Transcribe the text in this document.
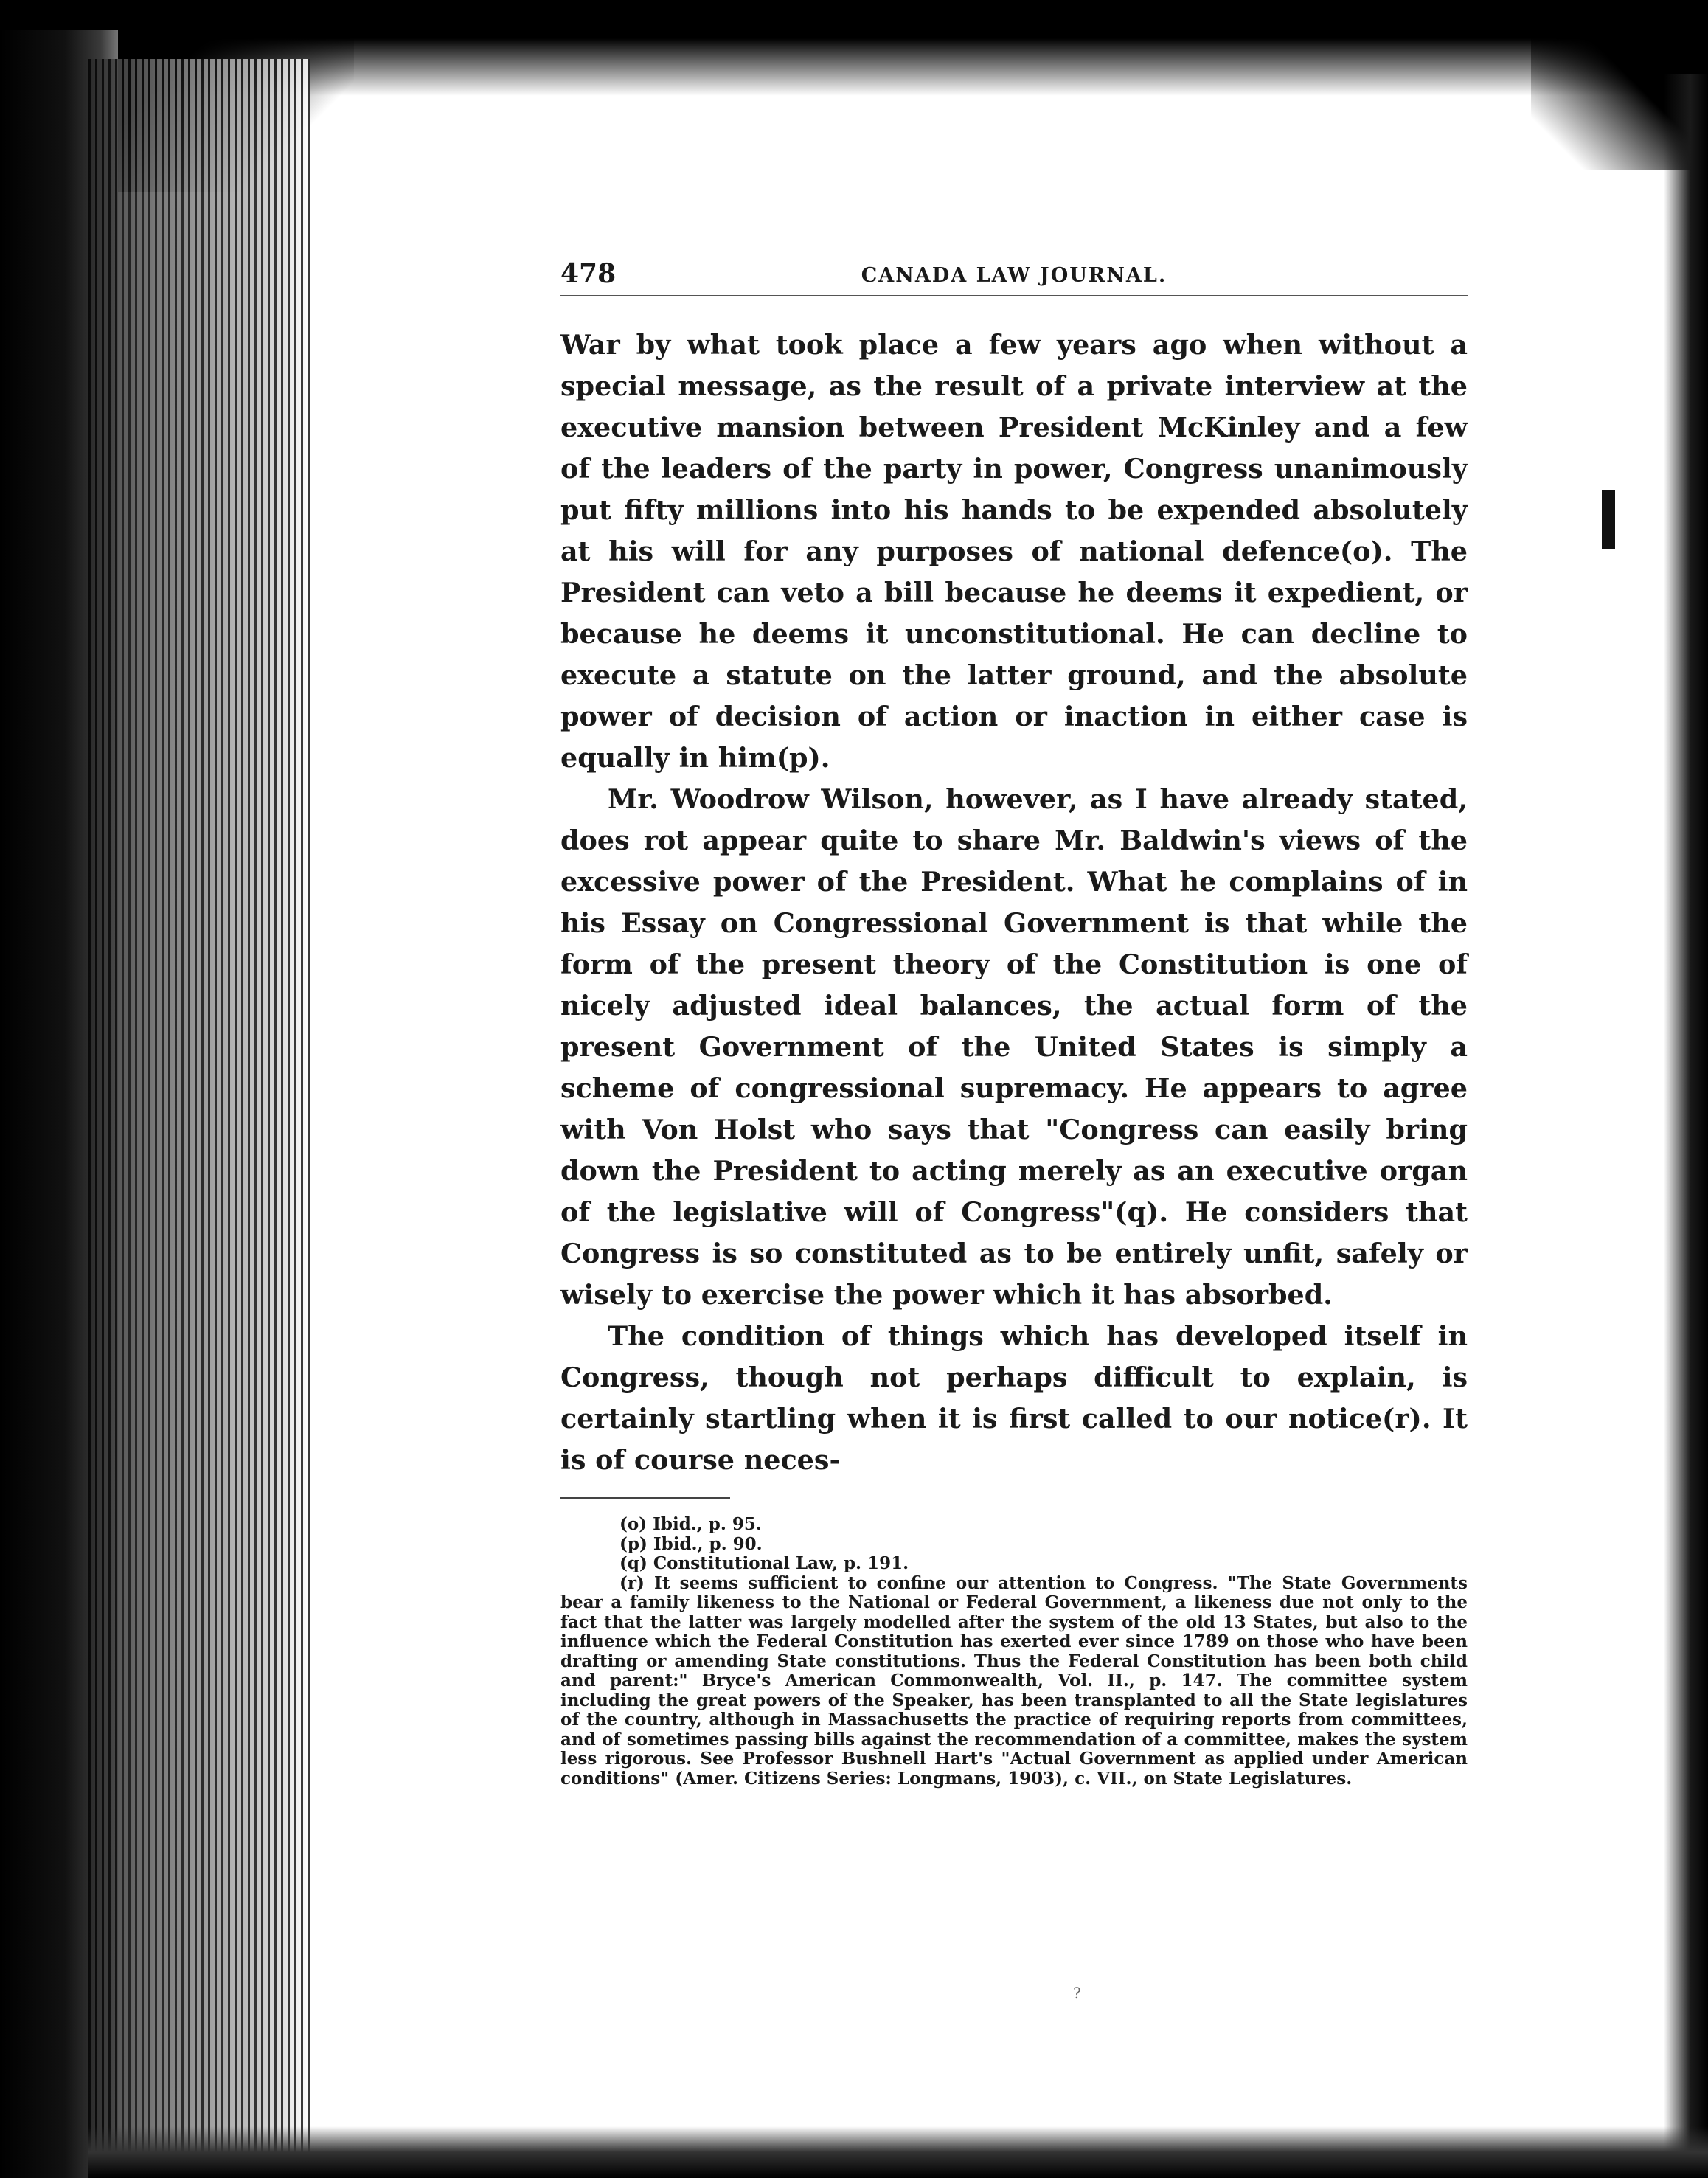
478	CANADA LAW JOURNAL.

War by what took place a few years ago when without a special message, as the result of a private interview at the executive mansion between President McKinley and a few of the leaders of the party in power, Congress unanimously put fifty millions into his hands to be expended absolutely at his will for any purposes of national defence(o). The President can veto a bill because he deems it expedient, or because he deems it unconstitutional. He can decline to execute a statute on the latter ground, and the absolute power of decision of action or inaction in either case is equally in him(p).

Mr. Woodrow Wilson, however, as I have already stated, does rot appear quite to share Mr. Baldwin's views of the excessive power of the President. What he complains of in his Essay on Congressional Government is that while the form of the present theory of the Constitution is one of nicely adjusted ideal balances, the actual form of the present Government of the United States is simply a scheme of congressional supremacy. He appears to agree with Von Holst who says that "Congress can easily bring down the President to acting merely as an executive organ of the legislative will of Congress"(q). He considers that Congress is so constituted as to be entirely unfit, safely or wisely to exercise the power which it has absorbed.

The condition of things which has developed itself in Congress, though not perhaps difficult to explain, is certainly startling when it is first called to our notice(r). It is of course neces-

(o) Ibid., p. 95.

(p) Ibid., p. 90.

(q) Constitutional Law, p. 191.

(r) It seems sufficient to confine our attention to Congress. "The State Governments bear a family likeness to the National or Federal Government, a likeness due not only to the fact that the latter was largely modelled after the system of the old 13 States, but also to the influence which the Federal Constitution has exerted ever since 1789 on those who have been drafting or amending State constitutions. Thus the Federal Constitution has been both child and parent:" Bryce's American Commonwealth, Vol. II., p. 147. The committee system including the great powers of the Speaker, has been transplanted to all the State legislatures of the country, although in Massachusetts the practice of requiring reports from committees, and of sometimes passing bills against the recommendation of a committee, makes the system less rigorous. See Professor Bushnell Hart's "Actual Government as applied under American conditions" (Amer. Citizens Series: Longmans, 1903), c. VII., on State Legislatures.

?
